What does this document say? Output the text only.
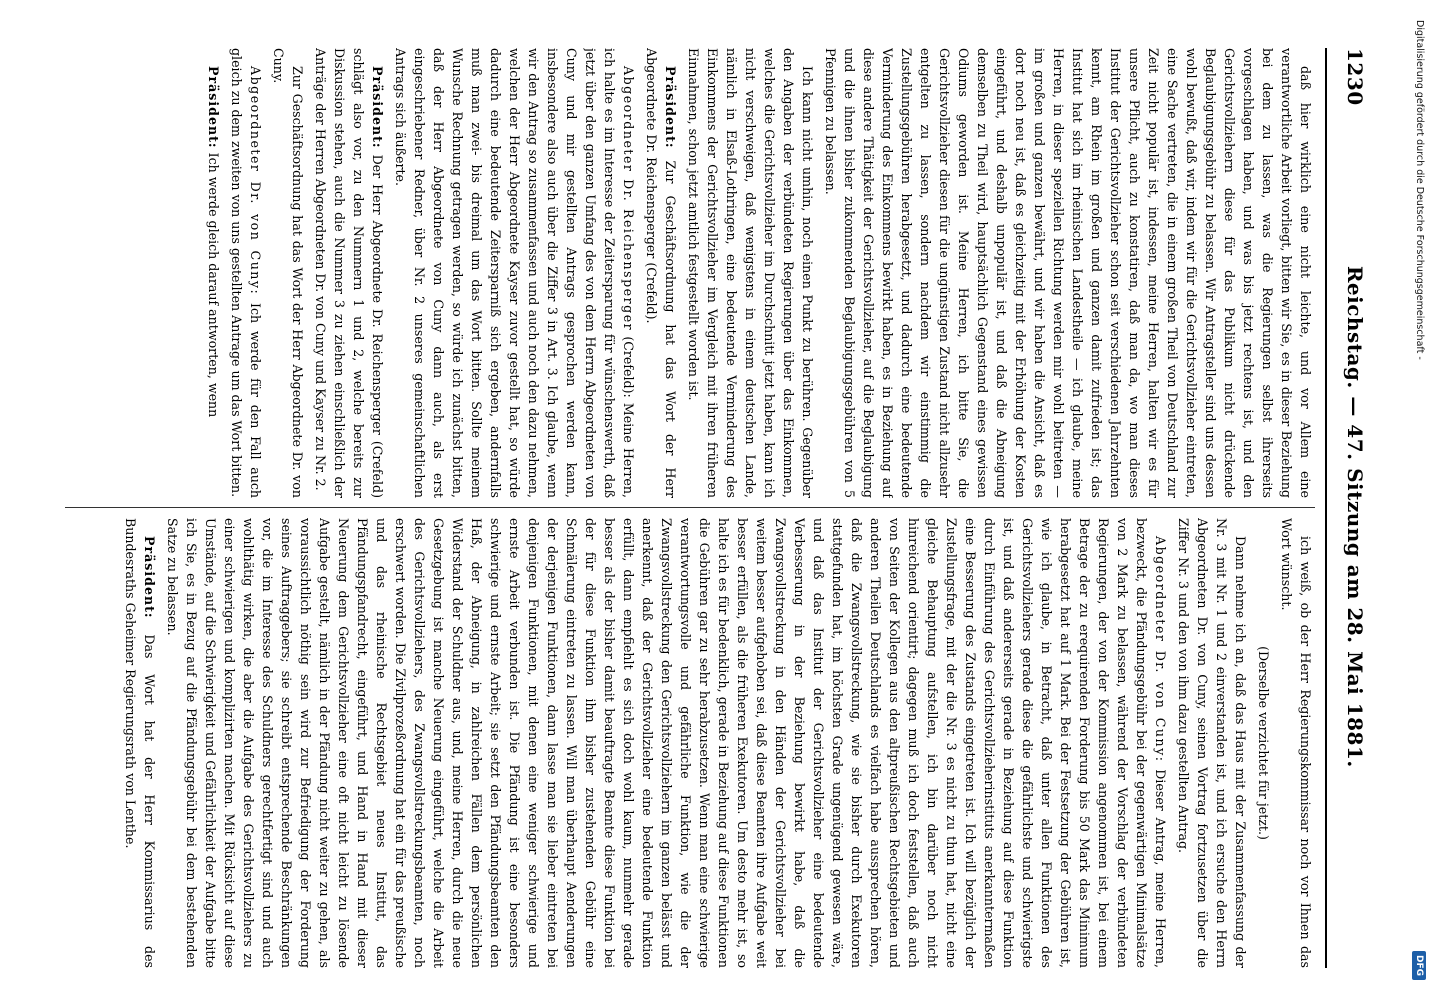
1230
Reichstag. — 47. Sitzung am 28. Mai 1881.

daß hier wirklich eine nicht leichte, und vor Allem eine verantwortliche Arbeit vorliegt, bitten wir Sie, es in dieser Beziehung bei dem zu lassen, was die Regierungen selbst ihrerseits vorgeschlagen haben, und was bis jetzt rechtens ist, und den Gerichtsvollziehern diese für das Publikum nicht drückende Beglaubigungsgebühr zu belassen. Wir Antragsteller sind uns dessen wohl bewußt, daß wir, indem wir für die Gerichtsvollzieher eintreten, eine Sache vertreten, die in einem großen Theil von Deutschland zur Zeit nicht populär ist, indessen, meine Herren, halten wir es für unsere Pflicht, auch zu konstatiren, daß man da, wo man dieses Institut der Gerichtsvollzieher schon seit verschiedenen Jahrzehnten kennt, am Rhein im großen und ganzen damit zufrieden ist; das Institut hat sich im rheinischen Landestheile — ich glaube, meine Herren, in dieser speziellen Richtung werden mir wohl beitreten — im großen und ganzen bewährt, und wir haben die Ansicht, daß es dort noch neu ist, daß es gleichzeitig mit der Erhöhung der Kosten eingeführt, und deshalb unpopulär ist, und daß die Abneigung demselben zu Theil wird, hauptsächlich Gegenstand eines gewissen Odiums geworden ist. Meine Herren, ich bitte Sie, die Gerichtsvollzieher diesen für die ungünstigen Zustand nicht allzusehr entgelten zu lassen, sondern nachdem wir einstimmig die Zustellungsgebühren herabgesetzt, und dadurch eine bedeutende Verminderung des Einkommens bewirkt haben, es in Beziehung auf diese andere Thätigkeit der Gerichtsvollzieher, auf die Beglaubigung und die ihnen bisher zukommenden Beglaubigungsgebühren von 5 Pfennigen zu belassen.

Ich kann nicht umhin, noch einen Punkt zu berühren. Gegenüber den Angaben der verbündeten Regierungen über das Einkommen, welches die Gerichtsvollzieher im Durchschnitt jetzt haben, kann ich nicht verschweigen, daß wenigstens in einem deutschen Lande, nämlich in Elsaß-Lothringen, eine bedeutende Verminderung des Einkommens der Gerichtsvollzieher im Vergleich mit ihren früheren Einnahmen, schon jetzt amtlich festgestellt worden ist.

Präsident: Zur Geschäftsordnung hat das Wort der Herr Abgeordnete Dr. Reichensperger (Crefeld).

Abgeordneter Dr. Reichensperger (Crefeld): Meine Herren, ich halte es im Interesse der Zeitersparung für wünschenswerth, daß jetzt über den ganzen Umfang des von dem Herrn Abgeordneten von Cuny und mir gestellten Antrags gesprochen werden kann, insbesondere also auch über die Ziffer 3 in Art. 3. Ich glaube, wenn wir den Antrag so zusammenfassen und auch noch den dazu nehmen, welchen der Herr Abgeordnete Kayser zuvor gestellt hat, so würde dadurch eine bedeutende Zeitersparniß sich ergeben, andernfalls muß man zwei- bis dreimal um das Wort bitten. Sollte meinem Wunsche Rechnung getragen werden, so würde ich zunächst bitten, daß der Herr Abgeordnete von Cuny dann auch, als erst eingeschriebener Redner, über Nr. 2 unseres gemeinschaftlichen Antrags sich äußerte.

Präsident: Der Herr Abgeordnete Dr. Reichensperger (Crefeld) schlägt also vor, zu den Nummern 1 und 2, welche bereits zur Diskussion stehen, auch die Nummer 3 zu ziehen einschließlich der Anträge der Herren Abgeordneten Dr. von Cuny und Kayser zu Nr. 2.

Zur Geschäftsordnung hat das Wort der Herr Abgeordnete Dr. von Cuny.

Abgeordneter Dr. von Cuny: Ich werde für den Fall auch gleich zu dem zweiten von uns gestellten Antrage um das Wort bitten.

Präsident: Ich werde gleich darauf antworten, wenn

ich weiß, ob der Herr Regierungskommissar noch vor Ihnen das Wort wünscht.

(Derselbe verzichtet für jetzt.)

Dann nehme ich an, daß das Haus mit der Zusammenfassung der Nr. 3 mit Nr. 1 und 2 einverstanden ist, und ich ersuche den Herrn Abgeordneten Dr. von Cuny, seinen Vortrag fortzusetzen über die Ziffer Nr. 3 und den von ihm dazu gestellten Antrag.

Abgeordneter Dr. von Cuny: Dieser Antrag, meine Herren, bezweckt, die Pfändungsgebühr bei der gegenwärtigen Minimalsätze von 2 Mark zu belassen, während der Vorschlag der verbündeten Regierungen, der von der Kommission angenommen ist, bei einem Betrage der zu erequirenden Forderung bis 50 Mark das Minimum herabgesetzt hat auf 1 Mark. Bei der Festsetzung der Gebühren ist, wie ich glaube, in Betracht, daß unter allen Funktionen des Gerichtsvollziehers gerade diese die gefährlichste und schwierigste ist, und daß andererseits gerade in Beziehung auf diese Funktion durch Einführung des Gerichtsvollzieherinstituts anerkanntermaßen eine Besserung des Zustands eingetreten ist. Ich will bezüglich der Zustellungsfrage, mit der die Nr. 3 es nicht zu thun hat, nicht eine gleiche Behauptung aufstellen, ich bin darüber noch nicht hinreichend orientirt; dagegen muß ich doch feststellen, daß auch von Seiten der Kollegen aus den altpreußischen Rechtsgebieten und anderen Theilen Deutschlands es vielfach habe aussprechen hören, daß die Zwangsvollstreckung, wie sie bisher durch Exekutoren stattgefunden hat, im höchsten Grade ungenügend gewesen wäre, und daß das Institut der Gerichtsvollzieher eine bedeutende Verbesserung in der Beziehung bewirkt habe, daß die Zwangsvollstreckung in den Händen der Gerichtsvollzieher bei weitem besser aufgehoben sei, daß diese Beamten ihre Aufgabe weit besser erfüllen, als die früheren Exekutoren. Um desto mehr ist, so halte ich es für bedenklich, gerade in Beziehung auf diese Funktionen die Gebühren gar zu sehr herabzusetzen. Wenn man eine schwierige verantwortungsvolle und gefährliche Funktion, wie die der Zwangsvollstreckung den Gerichtsvollziehern im ganzen belässt und anerkennt, daß der Gerichtsvollzieher eine bedeutende Funktion erfüllt, dann empfiehlt es sich doch wohl kaum, nunmehr gerade besser als der bisher damit beauftragte Beamte diese Funktion bei der für diese Funktion ihm bisher zustehenden Gebühr eine Schmälerung eintreten zu lassen. Will man überhaupt Aenderungen der derjenigen Funktionen, dann lasse man sie lieber eintreten bei denjenigen Funktionen, mit denen eine weniger schwierige und ernste Arbeit verbunden ist. Die Pfändung ist eine besonders schwierige und ernste Arbeit; sie setzt den Pfändungsbeamten den Haß, der Abneigung, in zahlreichen Fällen dem persönlichen Widerstand der Schuldner aus, und, meine Herren, durch die neue Gesetzgebung ist manche Neuerung eingeführt, welche die Arbeit des Gerichtsvollziehers, des Zwangsvollstreckungsbeamten, noch erschwert worden. Die Zivilprozeßordnung hat ein für das preußische und das rheinische Rechtsgebiet neues Institut, das Pfändungspfandrecht, eingeführt, und Hand in Hand mit dieser Neuerung dem Gerichtsvollzieher eine oft nicht leicht zu lösende Aufgabe gestellt, nämlich in der Pfändung nicht weiter zu gehen, als voraussichtlich nöthig sein wird zur Befriedigung der Forderung seines Auftraggebers; sie schreibt entsprechende Beschränkungen vor, die im Interesse des Schuldners gerechtfertigt sind und auch wohlthätig wirken, die aber die Aufgabe des Gerichtsvollziehers zu einer schwierigen und komplizirten machen. Mit Rücksicht auf diese Umstände, auf die Schwierigkeit und Gefährlichkeit der Aufgabe bitte ich Sie, es in Bezug auf die Pfändungsgebühr bei dem bestehenden Satze zu belassen.

Präsident: Das Wort hat der Herr Kommissarius des Bundesraths Geheimer Regierungsrath von Lenthe.

Digitalisierung gefördert durch die Deutsche Forschungsgemeinschaft -
DFG
